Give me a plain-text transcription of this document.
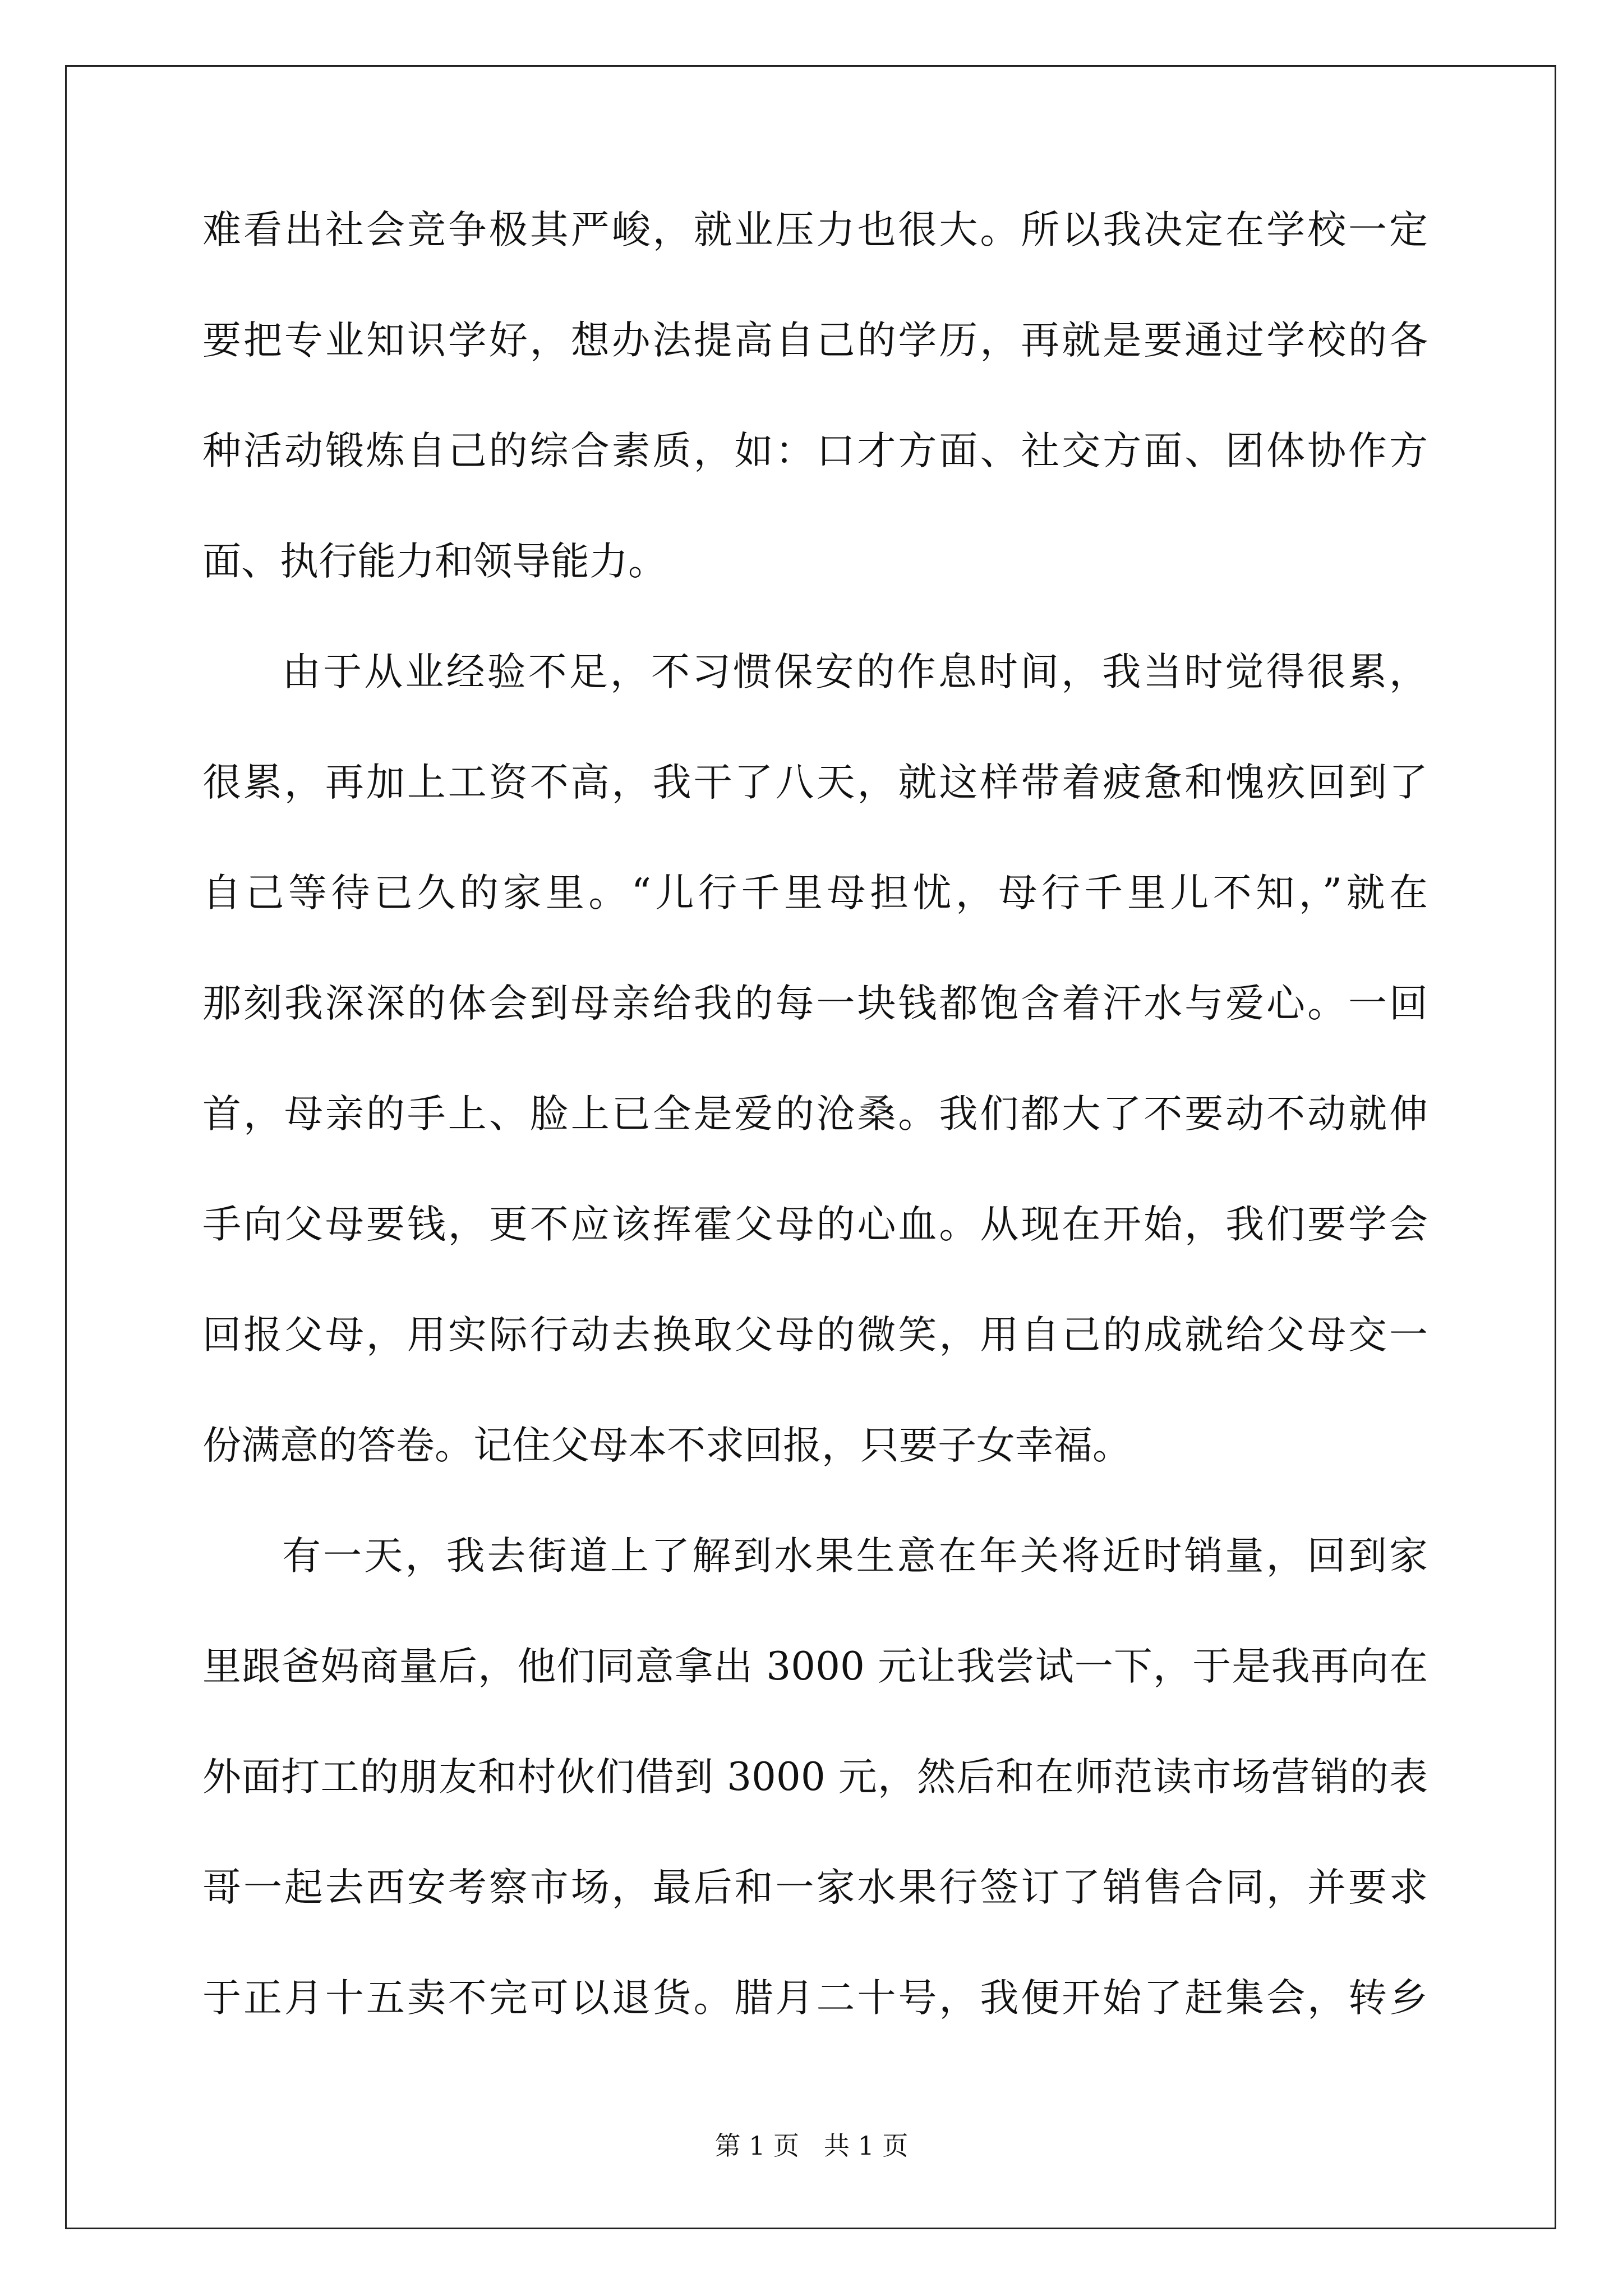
难看出社会竞争极其严峻，就业压力也很大。所以我决定在学校一定
要把专业知识学好，想办法提高自己的学历，再就是要通过学校的各
种活动锻炼自己的综合素质，如：口才方面、社交方面、团体协作方
面、执行能力和领导能力。
由于从业经验不足，不习惯保安的作息时间，我当时觉得很累，
很累，再加上工资不高，我干了八天，就这样带着疲惫和愧疚回到了
自己等待已久的家里。“儿行千里母担忧，母行千里儿不知，”就在
那刻我深深的体会到母亲给我的每一块钱都饱含着汗水与爱心。一回
首，母亲的手上、脸上已全是爱的沧桑。我们都大了不要动不动就伸
手向父母要钱，更不应该挥霍父母的心血。从现在开始，我们要学会
回报父母，用实际行动去换取父母的微笑，用自己的成就给父母交一
份满意的答卷。记住父母本不求回报，只要子女幸福。
有一天，我去街道上了解到水果生意在年关将近时销量，回到家
里跟爸妈商量后，他们同意拿出 3000 元让我尝试一下，于是我再向在
外面打工的朋友和村伙们借到 3000 元，然后和在师范读市场营销的表
哥一起去西安考察市场，最后和一家水果行签订了销售合同，并要求
于正月十五卖不完可以退货。腊月二十号，我便开始了赶集会，转乡
第 1 页   共 1 页
